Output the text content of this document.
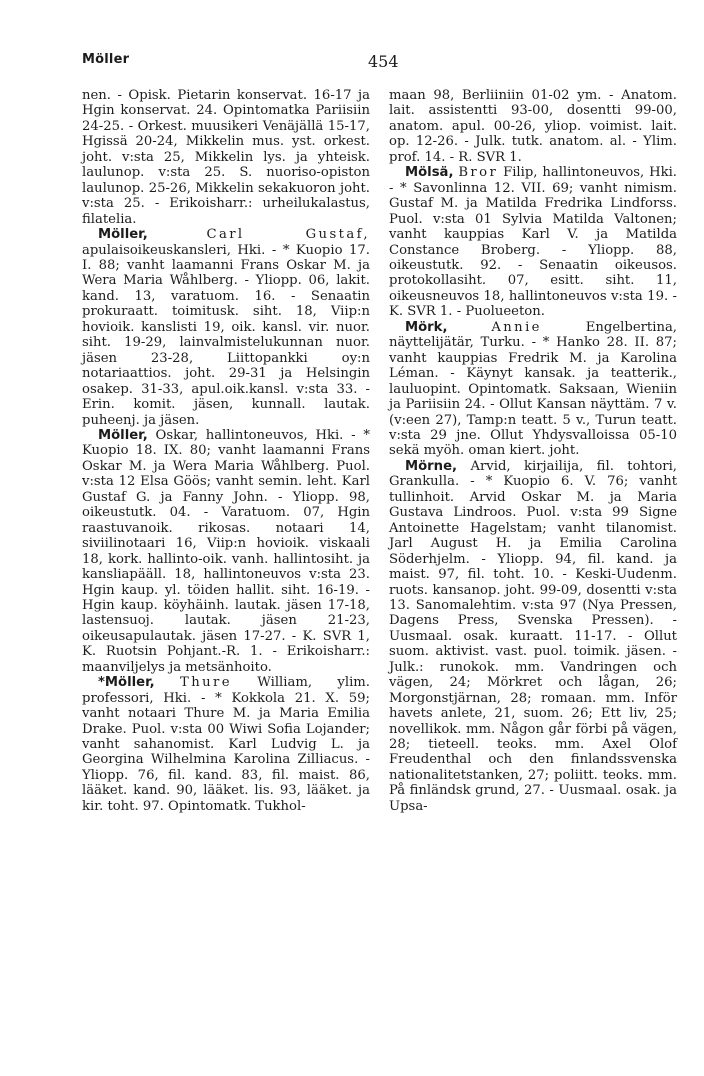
Möller	454

nen. - Opisk. Pietarin konservat. 16-17 ja Hgin konservat. 24. Opintomatka Pariisiin 24-25. - Orkest. muusikeri Venäjällä 15-17, Hgissä 20-24, Mikkelin mus. yst. orkest. joht. v:sta 25, Mikkelin lys. ja yhteisk. laulunop. v:sta 25. S. nuoriso-opiston laulunop. 25-26, Mikkelin sekakuoron joht. v:sta 25. - Erikoisharr.: urheilukalastus, filatelia.

Möller,	Carl Gustaf, apulaisoikeuskansleri, Hki. - * Kuopio 17. I. 88; vanht laamanni Frans Oskar M. ja Wera Maria Wåhlberg. - Yliopp. 06, lakit. kand. 13, varatuom. 16. - Senaatin prokuraatt. toimitusk. siht. 18, Viip:n hovioik. kanslisti 19, oik. kansl. vir. nuor. siht. 19-29, lainvalmistelukunnan nuor. jäsen 23-28, Liittopankki oy:n notariaattios. joht. 29-31 ja Helsingin osakep. 31-33, apul.oik.kansl. v:sta 33. - Erin. komit. jäsen, kunnall. lautak. puheenj. ja jäsen.

Möller, Oskar, hallintoneuvos, Hki. - * Kuopio 18. IX. 80; vanht laamanni Frans Oskar M. ja Wera Maria Wåhlberg. Puol. v:sta 12 Elsa Göös; vanht semin. leht. Karl Gustaf G. ja Fanny John. - Yliopp. 98, oikeustutk. 04. - Varatuom. 07, Hgin raastuvanoik. rikosas. notaari 14, siviilinotaari 16, Viip:n hovioik. viskaali 18, kork. hallinto-oik. vanh. hallintosiht. ja kansliapääll. 18, hallintoneuvos v:sta 23. Hgin kaup. yl. töiden hallit. siht. 16-19. - Hgin kaup. köyhäinh. lautak. jäsen 17-18, lastensuoj. lautak. jäsen 21-23, oikeusapulautak. jäsen 17-27. - K. SVR 1, K. Ruotsin Pohjant.-R. 1. - Erikoisharr.: maanviljelys ja metsänhoito.

*Möller, Thure William, ylim. professori, Hki. - * Kokkola 21. X. 59; vanht notaari Thure M. ja Maria Emilia Drake. Puol. v:sta 00 Wiwi Sofia Lojander; vanht sahanomist. Karl Ludvig L. ja Georgina Wilhelmina Karolina Zilliacus. - Yliopp. 76, fil. kand. 83, fil. maist. 86, lääket. kand. 90, lääket. lis. 93, lääket. ja kir. toht. 97. Opintomatk. Tukhol-

maan 98, Berliiniin 01-02 ym. - Anatom. lait. assistentti 93-00, dosentti 99-00, anatom. apul. 00-26, yliop. voimist. lait. op. 12-26. - Julk. tutk. anatom. al. - Ylim. prof. 14. - R. SVR 1.

Mölsä, Bror Filip, hallintoneuvos, Hki. - * Savonlinna 12. VII. 69; vanht nimism. Gustaf M. ja Matilda Fredrika Lindforss. Puol. v:sta 01 Sylvia Matilda Valtonen; vanht kauppias Karl V. ja Matilda Constance Broberg. - Yliopp. 88, oikeustutk. 92. - Senaatin oikeusos. protokollasiht. 07, esitt. siht. 11, oikeusneuvos 18, hallintoneuvos v:sta 19. - K. SVR 1. - Puolueeton.

Mörk,	Annie	Engelbertina, näyttelijätär, Turku. - * Hanko 28. II. 87; vanht kauppias Fredrik M. ja Karolina Léman. - Käynyt kansak. ja teatterik., lauluopint. Opintomatk. Saksaan, Wieniin ja Pariisiin 24. - Ollut Kansan näyttäm. 7 v. (v:een 27), Tamp:n teatt. 5 v., Turun teatt. v:sta 29 jne. Ollut Yhdysvalloissa 05-10 sekä myöh. oman kiert. joht.

Mörne, Arvid, kirjailija, fil. tohtori, Grankulla. - * Kuopio 6. V. 76; vanht tullinhoit. Arvid Oskar M. ja Maria Gustava Lindroos. Puol. v:sta 99 Signe Antoinette Hagelstam; vanht tilanomist. Jarl August H. ja Emilia Carolina Söderhjelm. - Yliopp. 94, fil. kand. ja maist. 97, fil. toht. 10. - Keski-Uudenm. ruots. kansanop. joht. 99-09, dosentti v:sta 13. Sanomalehtim. v:sta 97 (Nya Pressen, Dagens Press, Svenska Pressen). - Uusmaal. osak. kuraatt. 11-17. - Ollut suom. aktivist. vast. puol. toimik. jäsen. - Julk.: runokok. mm. Vandringen och vägen, 24; Mörkret och lågan, 26; Morgonstjärnan, 28; romaan. mm. Inför havets anlete, 21, suom. 26; Ett liv, 25; novellikok. mm. Någon går förbi på vägen, 28; tieteell. teoks. mm. Axel Olof Freudenthal och den finlandssvenska nationalitetstanken, 27; poliitt. teoks. mm. På finländsk grund, 27. - Uusmaal. osak. ja Upsa-
